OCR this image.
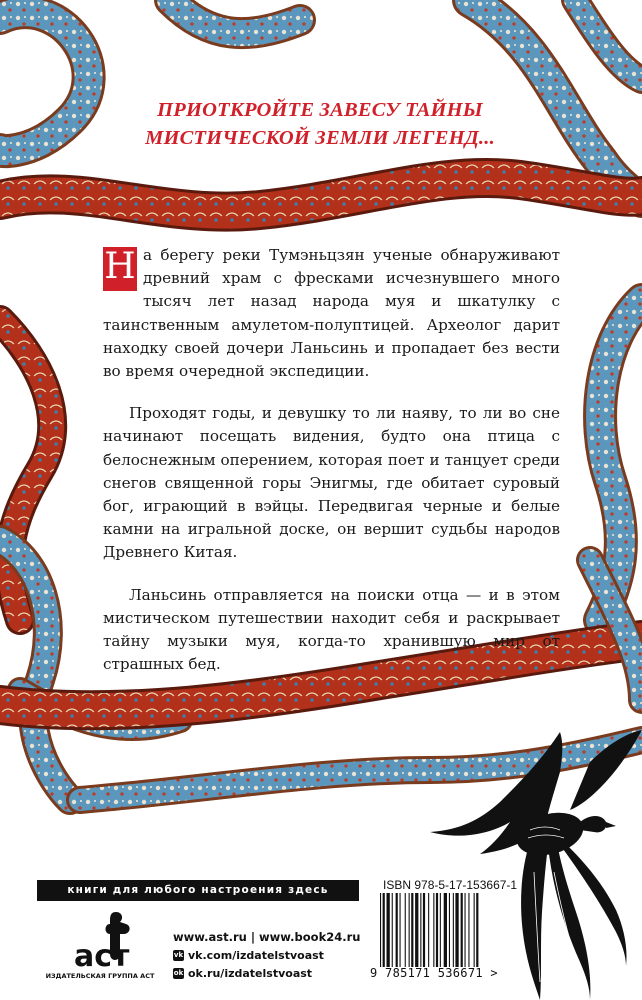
ПРИОТКРОЙТЕ ЗАВЕСУ ТАЙНЫ
МИСТИЧЕСКОЙ ЗЕМЛИ ЛЕГЕНД...

Н а берегу реки Тумэньцзян ученые обнаруживают древний храм с фресками исчезнувшего много тысяч лет назад народа муя и шкатулку с таинственным амулетом-полуптицей. Археолог дарит находку своей дочери Ланьсинь и пропадает без вести во время очередной экспедиции.

Проходят годы, и девушку то ли наяву, то ли во сне начинают посещать видения, будто она птица с белоснежным оперением, которая поет и танцует среди снегов священной горы Энигмы, где обитает суровый бог, играющий в вэйцы. Передвигая черные и белые камни на игральной доске, он вершит судьбы народов Древнего Китая.

Ланьсинь отправляется на поиски отца — и в этом мистическом путешествии находит себя и раскрывает тайну музыки муя, когда-то хранившую мир от страшных бед.

книги для любого настроения здесь
аст
ИЗДАТЕЛЬСКАЯ ГРУППА АСТ
www.ast.ru | www.book24.ru
vk vk.com/izdatelstvoast
ok ok.ru/izdatelstvoast
ISBN 978-5-17-153667-1
9 785171 536671 >
